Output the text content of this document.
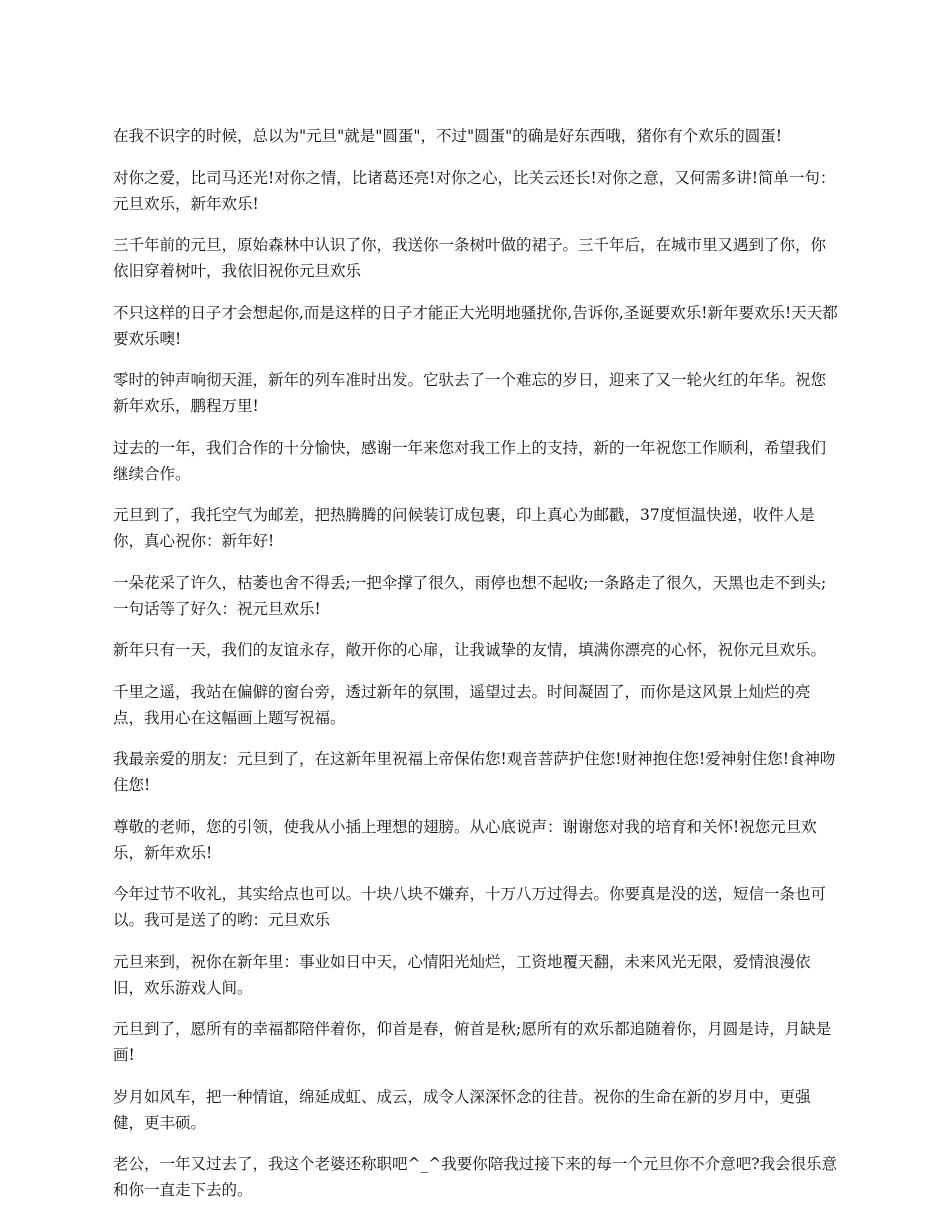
在我不识字的时候，总以为"元旦"就是"圆蛋"，不过"圆蛋"的确是好东西哦，猪你有个欢乐的圆蛋!

对你之爱，比司马还光!对你之情，比诸葛还亮!对你之心，比关云还长!对你之意，又何需多讲!简单一句：元旦欢乐，新年欢乐!

三千年前的元旦，原始森林中认识了你，我送你一条树叶做的裙子。三千年后，在城市里又遇到了你，你依旧穿着树叶，我依旧祝你元旦欢乐

不只这样的日子才会想起你,而是这样的日子才能正大光明地骚扰你,告诉你,圣诞要欢乐!新年要欢乐!天天都要欢乐噢!

零时的钟声响彻天涯，新年的列车准时出发。它驮去了一个难忘的岁日，迎来了又一轮火红的年华。祝您新年欢乐，鹏程万里!

过去的一年，我们合作的十分愉快，感谢一年来您对我工作上的支持，新的一年祝您工作顺利，希望我们继续合作。

元旦到了，我托空气为邮差，把热腾腾的问候装订成包裹，印上真心为邮戳，37度恒温快递，收件人是你，真心祝你：新年好!

一朵花采了许久，枯萎也舍不得丢;一把伞撑了很久，雨停也想不起收;一条路走了很久，天黑也走不到头;一句话等了好久：祝元旦欢乐!

新年只有一天，我们的友谊永存，敞开你的心扉，让我诚挚的友情，填满你漂亮的心怀，祝你元旦欢乐。

千里之遥，我站在偏僻的窗台旁，透过新年的氛围，遥望过去。时间凝固了，而你是这风景上灿烂的亮点，我用心在这幅画上题写祝福。

我最亲爱的朋友：元旦到了，在这新年里祝福上帝保佑您!观音菩萨护住您!财神抱住您!爱神射住您!食神吻住您!

尊敬的老师，您的引领，使我从小插上理想的翅膀。从心底说声：谢谢您对我的培育和关怀!祝您元旦欢乐，新年欢乐!

今年过节不收礼，其实给点也可以。十块八块不嫌弃，十万八万过得去。你要真是没的送，短信一条也可以。我可是送了的哟：元旦欢乐

元旦来到，祝你在新年里：事业如日中天，心情阳光灿烂，工资地覆天翻，未来风光无限，爱情浪漫依旧，欢乐游戏人间。

元旦到了，愿所有的幸福都陪伴着你，仰首是春，俯首是秋;愿所有的欢乐都追随着你，月圆是诗，月缺是画!

岁月如风车，把一种情谊，绵延成虹、成云，成令人深深怀念的往昔。祝你的生命在新的岁月中，更强健，更丰硕。

老公，一年又过去了，我这个老婆还称职吧^_^我要你陪我过接下来的每一个元旦你不介意吧?我会很乐意和你一直走下去的。
